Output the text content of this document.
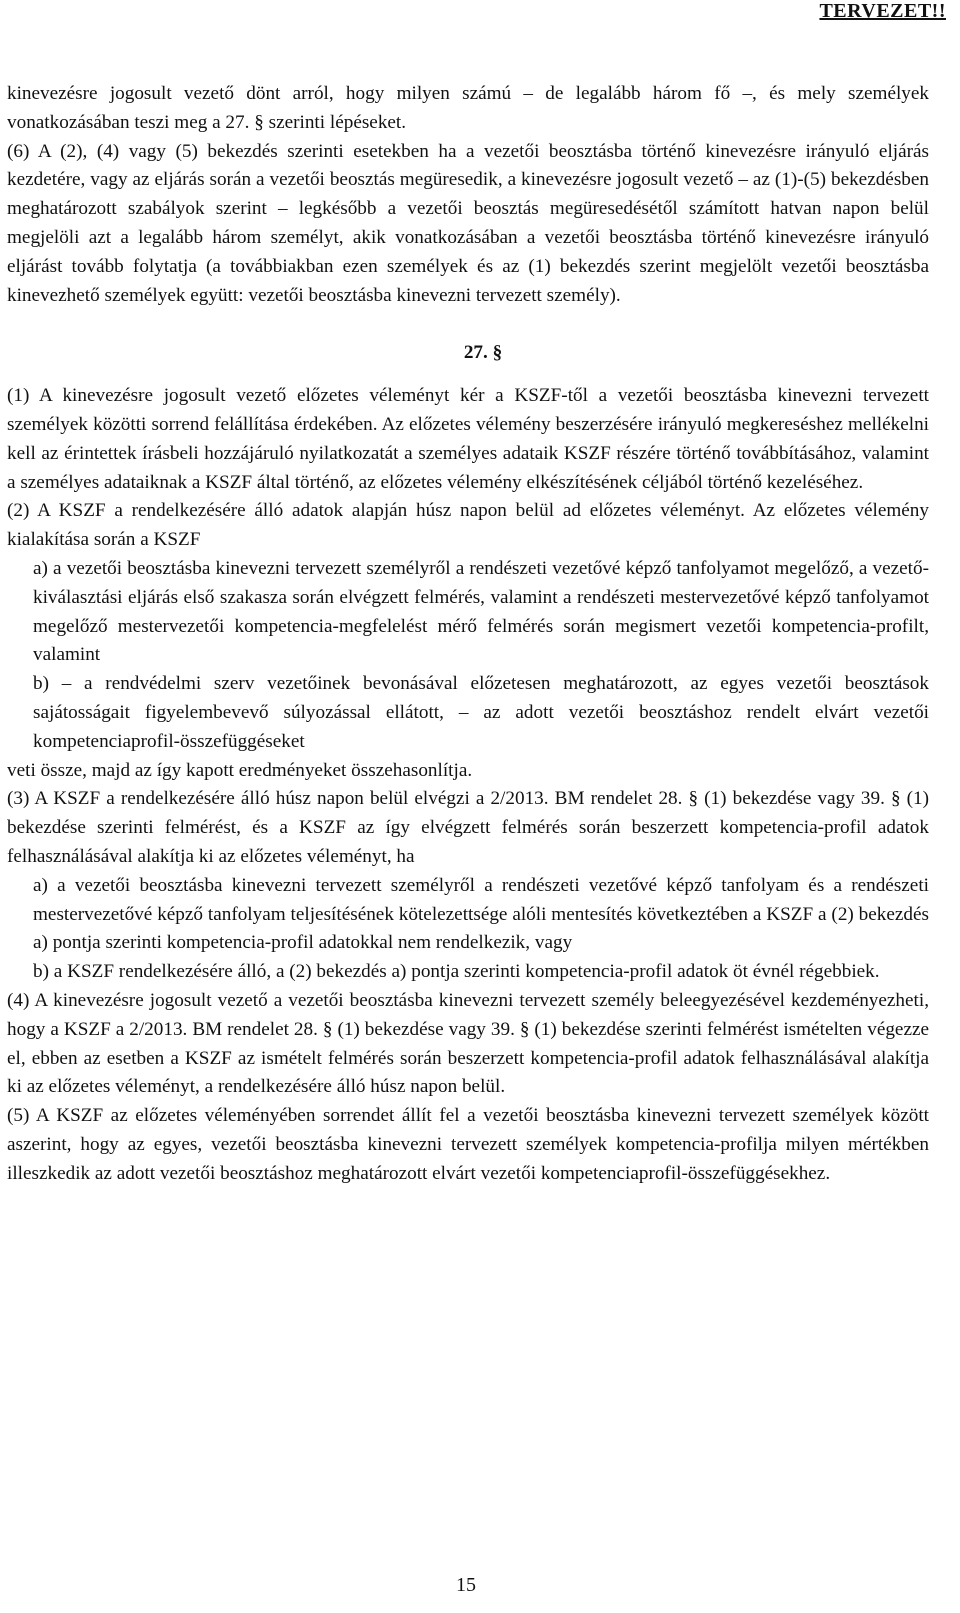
TERVEZET!!

kinevezésre jogosult vezető dönt arról, hogy milyen számú – de legalább három fő –, és mely személyek vonatkozásában teszi meg a 27. § szerinti lépéseket.

(6) A (2), (4) vagy (5) bekezdés szerinti esetekben ha a vezetői beosztásba történő kinevezésre irányuló eljárás kezdetére, vagy az eljárás során a vezetői beosztás megüresedik, a kinevezésre jogosult vezető – az (1)-(5) bekezdésben meghatározott szabályok szerint – legkésőbb a vezetői beosztás megüresedésétől számított hatvan napon belül megjelöli azt a legalább három személyt, akik vonatkozásában a vezetői beosztásba történő kinevezésre irányuló eljárást tovább folytatja (a továbbiakban ezen személyek és az (1) bekezdés szerint megjelölt vezetői beosztásba kinevezhető személyek együtt: vezetői beosztásba kinevezni tervezett személy).

27. §

(1) A kinevezésre jogosult vezető előzetes véleményt kér a KSZF-től a vezetői beosztásba kinevezni tervezett személyek közötti sorrend felállítása érdekében. Az előzetes vélemény beszerzésére irányuló megkereséshez mellékelni kell az érintettek írásbeli hozzájáruló nyilatkozatát a személyes adataik KSZF részére történő továbbításához, valamint a személyes adataiknak a KSZF által történő, az előzetes vélemény elkészítésének céljából történő kezeléséhez.

(2) A KSZF a rendelkezésére álló adatok alapján húsz napon belül ad előzetes véleményt. Az előzetes vélemény kialakítása során a KSZF

a) a vezetői beosztásba kinevezni tervezett személyről a rendészeti vezetővé képző tanfolyamot megelőző, a vezető-kiválasztási eljárás első szakasza során elvégzett felmérés, valamint a rendészeti mestervezetővé képző tanfolyamot megelőző mestervezetői kompetencia-megfelelést mérő felmérés során megismert vezetői kompetencia-profilt, valamint

b) – a rendvédelmi szerv vezetőinek bevonásával előzetesen meghatározott, az egyes vezetői beosztások sajátosságait figyelembevevő súlyozással ellátott, – az adott vezetői beosztáshoz rendelt elvárt vezetői kompetenciaprofil-összefüggéseket

veti össze, majd az így kapott eredményeket összehasonlítja.

(3) A KSZF a rendelkezésére álló húsz napon belül elvégzi a 2/2013. BM rendelet 28. § (1) bekezdése vagy 39. § (1) bekezdése szerinti felmérést, és a KSZF az így elvégzett felmérés során beszerzett kompetencia-profil adatok felhasználásával alakítja ki az előzetes véleményt, ha

a) a vezetői beosztásba kinevezni tervezett személyről a rendészeti vezetővé képző tanfolyam és a rendészeti mestervezetővé képző tanfolyam teljesítésének kötelezettsége alóli mentesítés következtében a KSZF a (2) bekezdés a) pontja szerinti kompetencia-profil adatokkal nem rendelkezik, vagy

b) a KSZF rendelkezésére álló, a (2) bekezdés a) pontja szerinti kompetencia-profil adatok öt évnél régebbiek.

(4) A kinevezésre jogosult vezető a vezetői beosztásba kinevezni tervezett személy beleegyezésével kezdeményezheti, hogy a KSZF a 2/2013. BM rendelet 28. § (1) bekezdése vagy 39. § (1) bekezdése szerinti felmérést ismételten végezze el, ebben az esetben a KSZF az ismételt felmérés során beszerzett kompetencia-profil adatok felhasználásával alakítja ki az előzetes véleményt, a rendelkezésére álló húsz napon belül.

(5) A KSZF az előzetes véleményében sorrendet állít fel a vezetői beosztásba kinevezni tervezett személyek között aszerint, hogy az egyes, vezetői beosztásba kinevezni tervezett személyek kompetencia-profilja milyen mértékben illeszkedik az adott vezetői beosztáshoz meghatározott elvárt vezetői kompetenciaprofil-összefüggésekhez.

15
